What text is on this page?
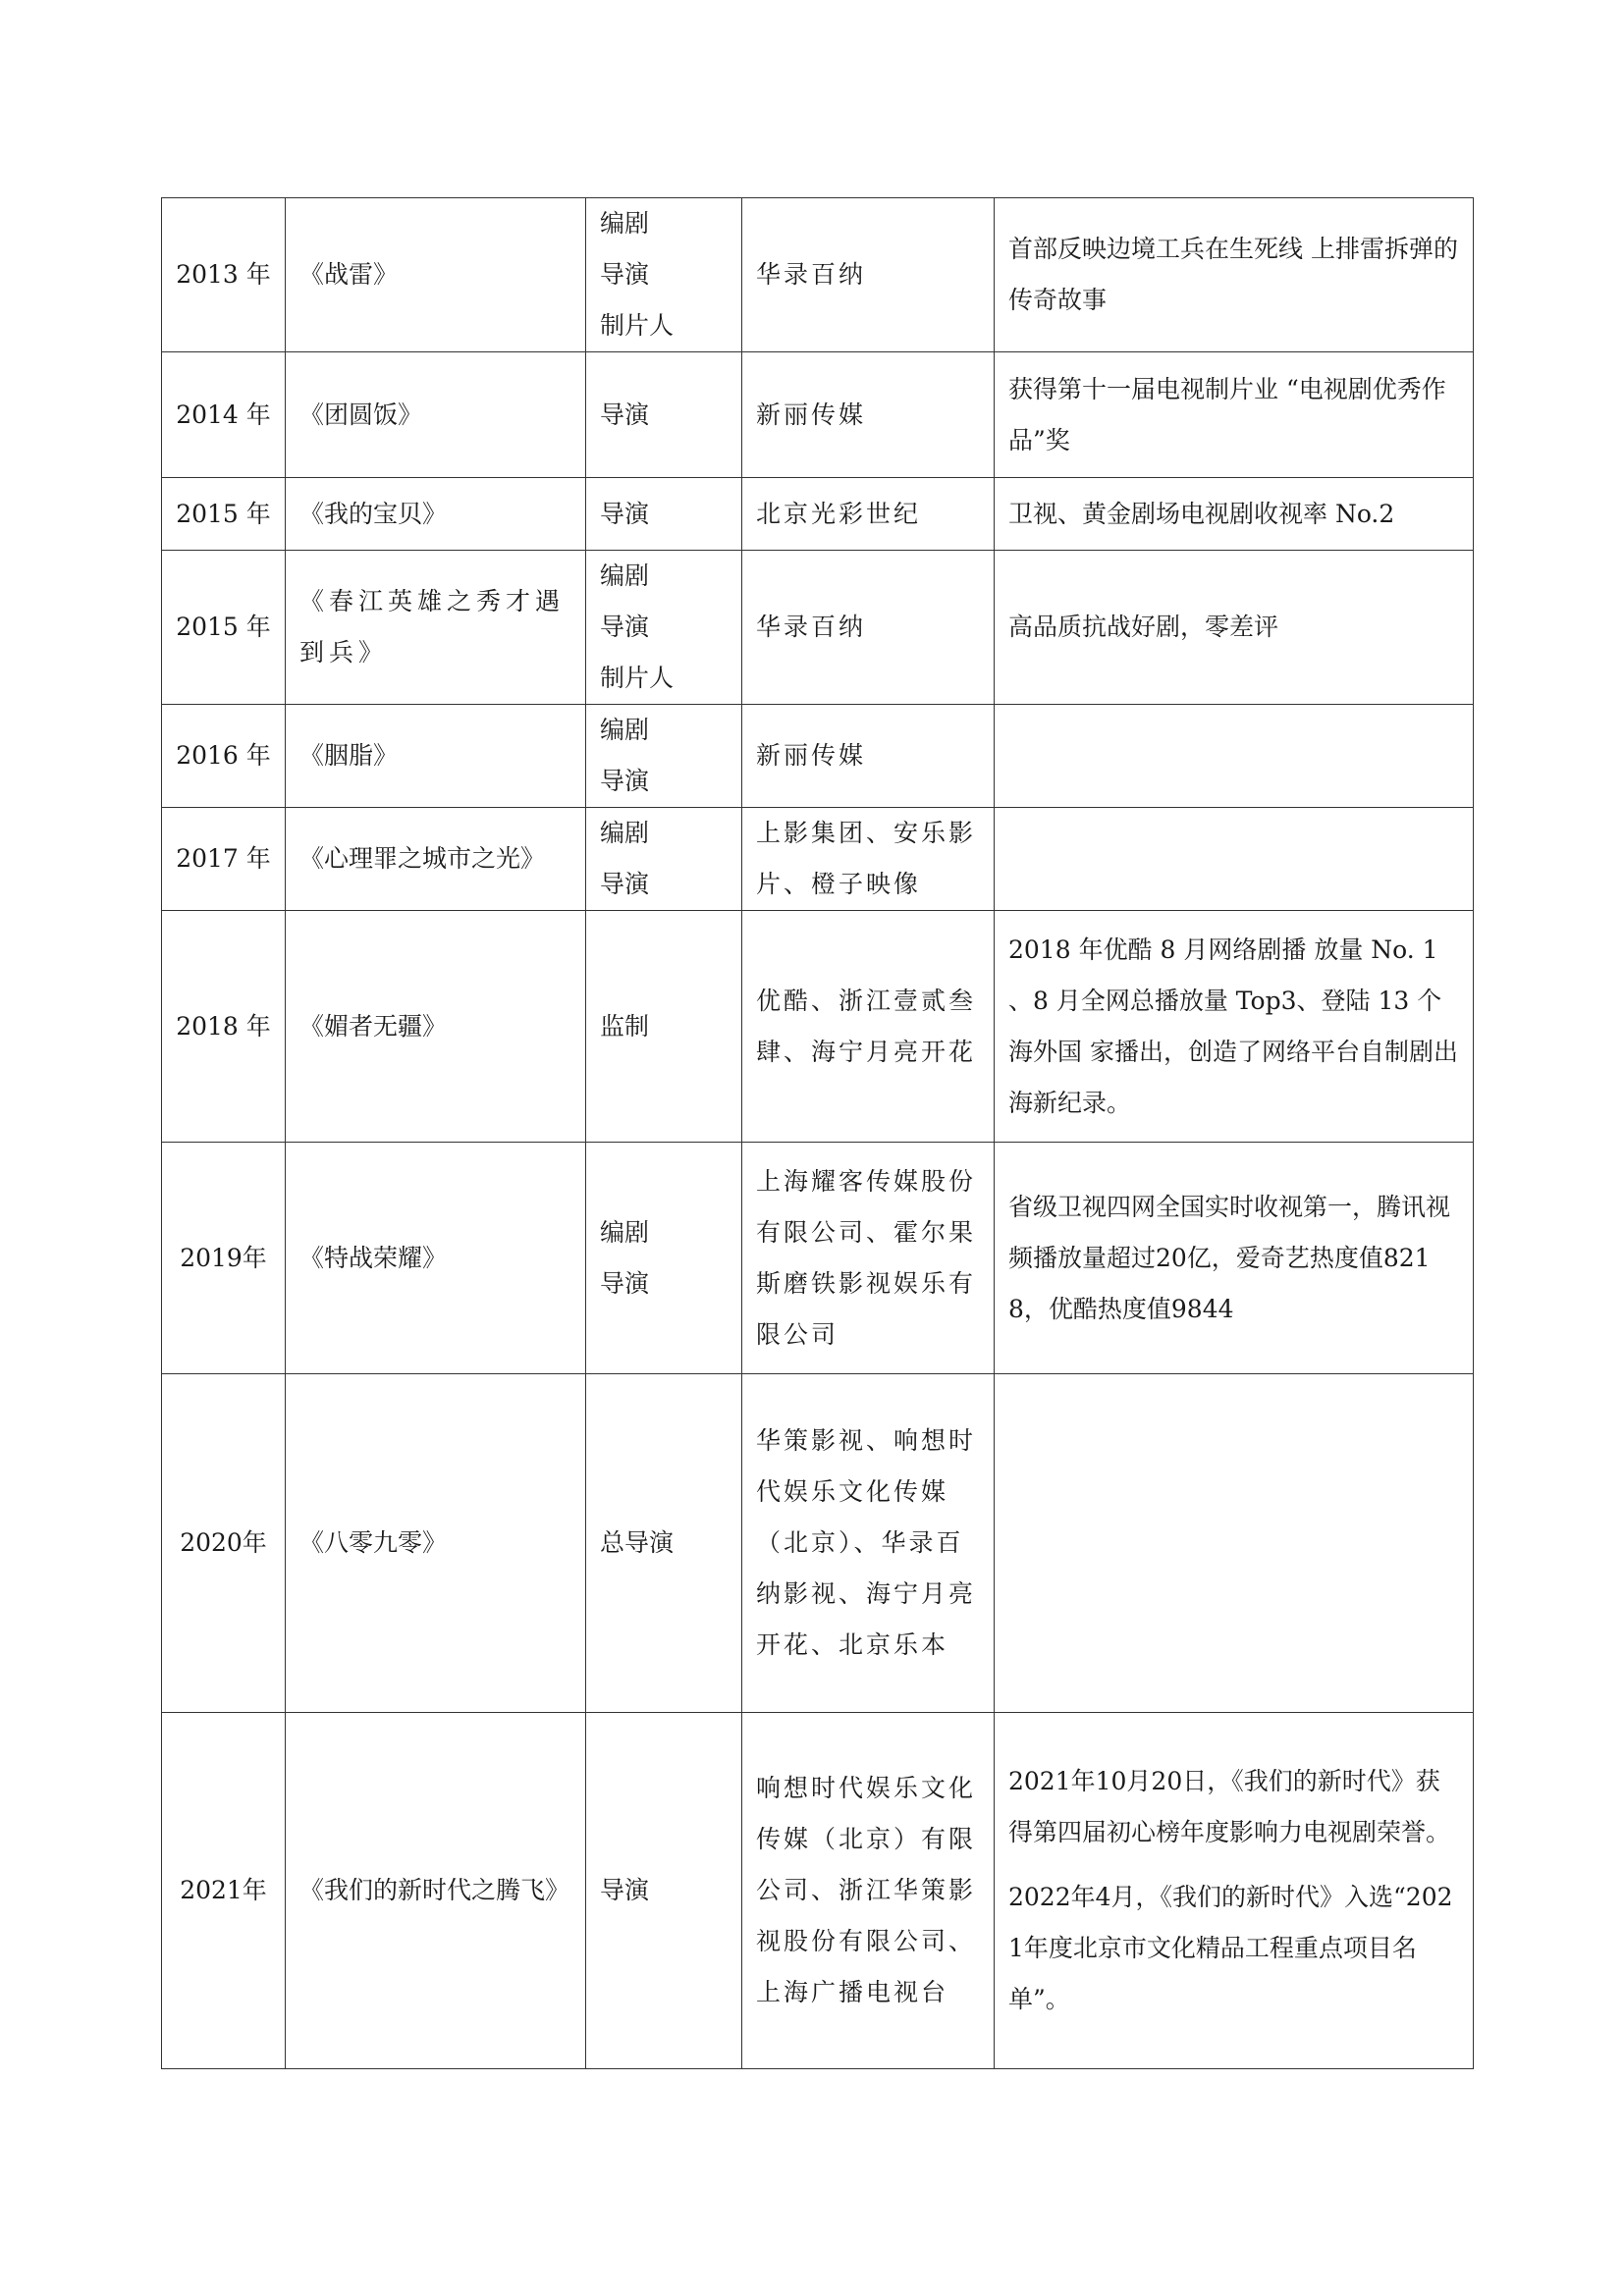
2013 年	《战雷》	编剧
导演
制片人	华录百纳	首部反映边境工兵在生死线 上排雷拆弹的传奇故事

2014 年	《团圆饭》	导演	新丽传媒	获得第十一届电视制片业 “电视剧优秀作品”奖

2015 年	《我的宝贝》	导演	北京光彩世纪	卫视、黄金剧场电视剧收视率 No.2

2015 年	《春江英雄之秀才遇到兵》	编剧
导演
制片人	华录百纳	高品质抗战好剧，零差评

2016 年	《胭脂》	编剧
导演	新丽传媒	
2017 年	《心理罪之城市之光》	编剧
导演	上影集团、安乐影片、橙子映像	

2018 年	《媚者无疆》	监制	优酷、浙江壹贰叁 肆、海宁月亮开花	2018 年优酷 8 月网络剧播 放量 No. 1 、8 月全网总播放量 Top3、登陆 13 个海外国 家播出，创造了网络平台自制剧出海新纪录。

2019年	《特战荣耀》	编剧
导演	上海耀客传媒股份有限公司、霍尔果斯磨铁影视娱乐有限公司	省级卫视四网全国实时收视第一，腾讯视频播放量超过20亿，爱奇艺热度值8218，优酷热度值9844

2020年	《八零九零》	总导演	华策影视、响想时代娱乐文化传媒（北京）、华录百纳影视、海宁月亮开花、北京乐本	

2021年	《我们的新时代之腾飞》	导演	响想时代娱乐文化传媒（北京）有限公司、浙江华策影视股份有限公司、上海广播电视台	2021年10月20日，《我们的新时代》获得第四届初心榜年度影响力电视剧荣誉。
2022年4月，《我们的新时代》入选“2021年度北京市文化精品工程重点项目名单”。
